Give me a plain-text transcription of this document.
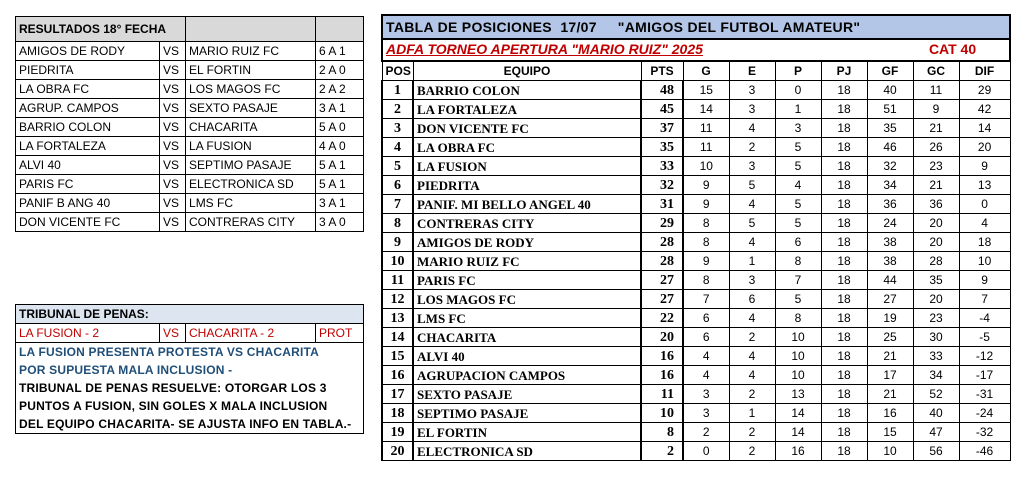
RESULTADOS 18° FECHA			
AMIGOS DE RODY	VS	MARIO RUIZ FC	6 A 1
PIEDRITA	VS	EL FORTIN	2 A 0
LA OBRA FC	VS	LOS MAGOS FC	2 A 2
AGRUP. CAMPOS	VS	SEXTO PASAJE	3 A 1
BARRIO COLON	VS	CHACARITA	5 A 0
LA FORTALEZA	VS	LA FUSION	4 A 0
ALVI 40	VS	SEPTIMO PASAJE	5 A 1
PARIS FC	VS	ELECTRONICA SD	5 A 1
PANIF B ANG 40	VS	LMS FC	3 A 1
DON VICENTE FC	VS	CONTRERAS CITY	3 A 0
TRIBUNAL DE PENAS:
LA FUSION - 2	VS	CHACARITA - 2	PROT
LA FUSION PRESENTA PROTESTA VS CHACARITA
POR SUPUESTA MALA INCLUSION -
TRIBUNAL DE PENAS RESUELVE: OTORGAR LOS 3
PUNTOS A FUSION, SIN GOLES X MALA INCLUSION
DEL EQUIPO CHACARITA- SE AJUSTA INFO EN TABLA.-
TABLA DE POSICIONES  17/07     "AMIGOS DEL FUTBOL AMATEUR"									
ADFA TORNEO APERTURA "MARIO RUIZ" 2025 CAT 40									

POS	EQUIPO	PTS	G	E	P	PJ	GF	GC	DIF
1	BARRIO COLON	48	15	3	0	18	40	11	29
2	LA FORTALEZA	45	14	3	1	18	51	9	42
3	DON VICENTE FC	37	11	4	3	18	35	21	14
4	LA OBRA FC	35	11	2	5	18	46	26	20
5	LA FUSION	33	10	3	5	18	32	23	9
6	PIEDRITA	32	9	5	4	18	34	21	13
7	PANIF. MI BELLO ANGEL 40	31	9	4	5	18	36	36	0
8	CONTRERAS CITY	29	8	5	5	18	24	20	4
9	AMIGOS DE RODY	28	8	4	6	18	38	20	18
10	MARIO RUIZ FC	28	9	1	8	18	38	28	10
11	PARIS FC	27	8	3	7	18	44	35	9
12	LOS MAGOS FC	27	7	6	5	18	27	20	7
13	LMS FC	22	6	4	8	18	19	23	-4
14	CHACARITA	20	6	2	10	18	25	30	-5
15	ALVI 40	16	4	4	10	18	21	33	-12
16	AGRUPACION CAMPOS	16	4	4	10	18	17	34	-17
17	SEXTO PASAJE	11	3	2	13	18	21	52	-31
18	SEPTIMO PASAJE	10	3	1	14	18	16	40	-24
19	EL FORTIN	8	2	2	14	18	15	47	-32
20	ELECTRONICA SD	2	0	2	16	18	10	56	-46
